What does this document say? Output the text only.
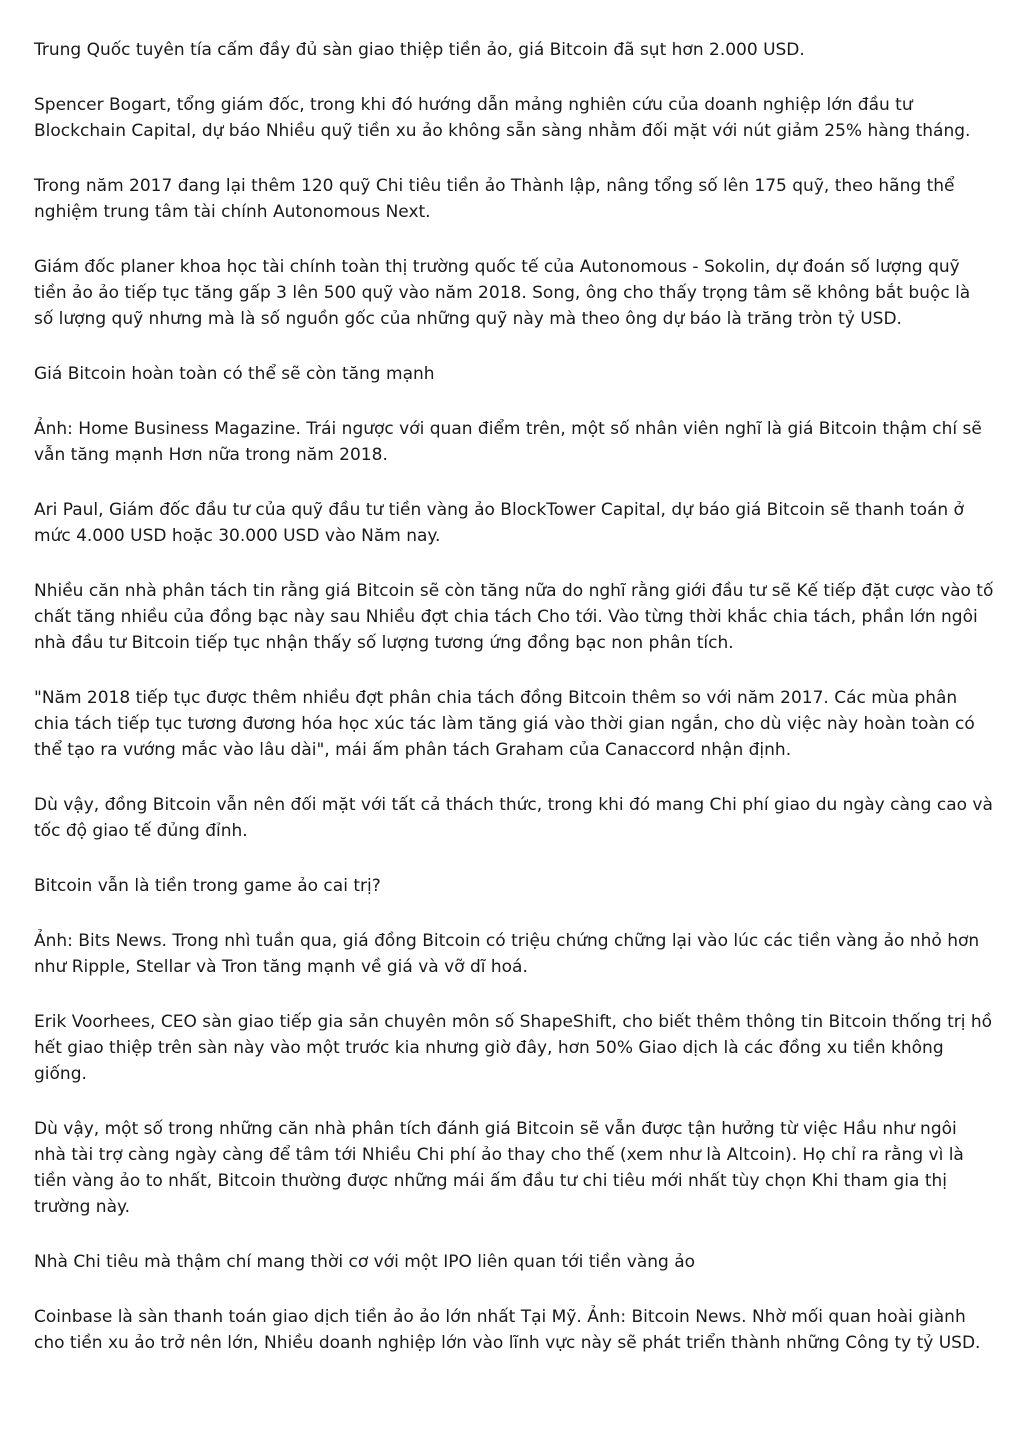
Trung Quốc tuyên tía cấm đầy đủ sàn giao thiệp tiền ảo, giá Bitcoin đã sụt hơn 2.000 USD.

Spencer Bogart, tổng giám đốc, trong khi đó hướng dẫn mảng nghiên cứu của doanh nghiệp lớn đầu tư Blockchain Capital, dự báo Nhiều quỹ tiền xu ảo không sẵn sàng nhằm đối mặt với nút giảm 25% hàng tháng.

Trong năm 2017 đang lại thêm 120 quỹ Chi tiêu tiền ảo Thành lập, nâng tổng số lên 175 quỹ, theo hãng thể nghiệm trung tâm tài chính Autonomous Next.

Giám đốc planer khoa học tài chính toàn thị trường quốc tế của Autonomous - Sokolin, dự đoán số lượng quỹ tiền ảo ảo tiếp tục tăng gấp 3 lên 500 quỹ vào năm 2018. Song, ông cho thấy trọng tâm sẽ không bắt buộc là số lượng quỹ nhưng mà là số nguồn gốc của những quỹ này mà theo ông dự báo là trăng tròn tỷ USD.

Giá Bitcoin hoàn toàn có thể sẽ còn tăng mạnh

Ảnh: Home Business Magazine. Trái ngược với quan điểm trên, một số nhân viên nghĩ là giá Bitcoin thậm chí sẽ vẫn tăng mạnh Hơn nữa trong năm 2018.

Ari Paul, Giám đốc đầu tư của quỹ đầu tư tiền vàng ảo BlockTower Capital, dự báo giá Bitcoin sẽ thanh toán ở mức 4.000 USD hoặc 30.000 USD vào Năm nay.

Nhiều căn nhà phân tách tin rằng giá Bitcoin sẽ còn tăng nữa do nghĩ rằng giới đầu tư sẽ Kế tiếp đặt cược vào tố chất tăng nhiều của đồng bạc này sau Nhiều đợt chia tách Cho tới. Vào từng thời khắc chia tách, phần lớn ngôi nhà đầu tư Bitcoin tiếp tục nhận thấy số lượng tương ứng đồng bạc non phân tích.

"Năm 2018 tiếp tục được thêm nhiều đợt phân chia tách đồng Bitcoin thêm so với năm 2017. Các mùa phân chia tách tiếp tục tương đương hóa học xúc tác làm tăng giá vào thời gian ngắn, cho dù việc này hoàn toàn có thể tạo ra vướng mắc vào lâu dài", mái ấm phân tách Graham của Canaccord nhận định.

Dù vậy, đồng Bitcoin vẫn nên đối mặt với tất cả thách thức, trong khi đó mang Chi phí giao du ngày càng cao và tốc độ giao tế đủng đỉnh.

Bitcoin vẫn là tiền trong game ảo cai trị?

Ảnh: Bits News. Trong nhì tuần qua, giá đồng Bitcoin có triệu chứng chững lại vào lúc các tiền vàng ảo nhỏ hơn như Ripple, Stellar và Tron tăng mạnh về giá và vỡ dĩ hoá.

Erik Voorhees, CEO sàn giao tiếp gia sản chuyên môn số ShapeShift, cho biết thêm thông tin Bitcoin thống trị hồ hết giao thiệp trên sàn này vào một trước kia nhưng giờ đây, hơn 50% Giao dịch là các đồng xu tiền không giống.

Dù vậy, một số trong những căn nhà phân tích đánh giá Bitcoin sẽ vẫn được tận hưởng từ việc Hầu như ngôi nhà tài trợ càng ngày càng để tâm tới Nhiều Chi phí ảo thay cho thế (xem như là Altcoin). Họ chỉ ra rằng vì là tiền vàng ảo to nhất, Bitcoin thường được những mái ấm đầu tư chi tiêu mới nhất tùy chọn Khi tham gia thị trường này.

Nhà Chi tiêu mà thậm chí mang thời cơ với một IPO liên quan tới tiền vàng ảo

Coinbase là sàn thanh toán giao dịch tiền ảo ảo lớn nhất Tại Mỹ. Ảnh: Bitcoin News. Nhờ mối quan hoài giành cho tiền xu ảo trở nên lớn, Nhiều doanh nghiệp lớn vào lĩnh vực này sẽ phát triển thành những Công ty tỷ USD.
